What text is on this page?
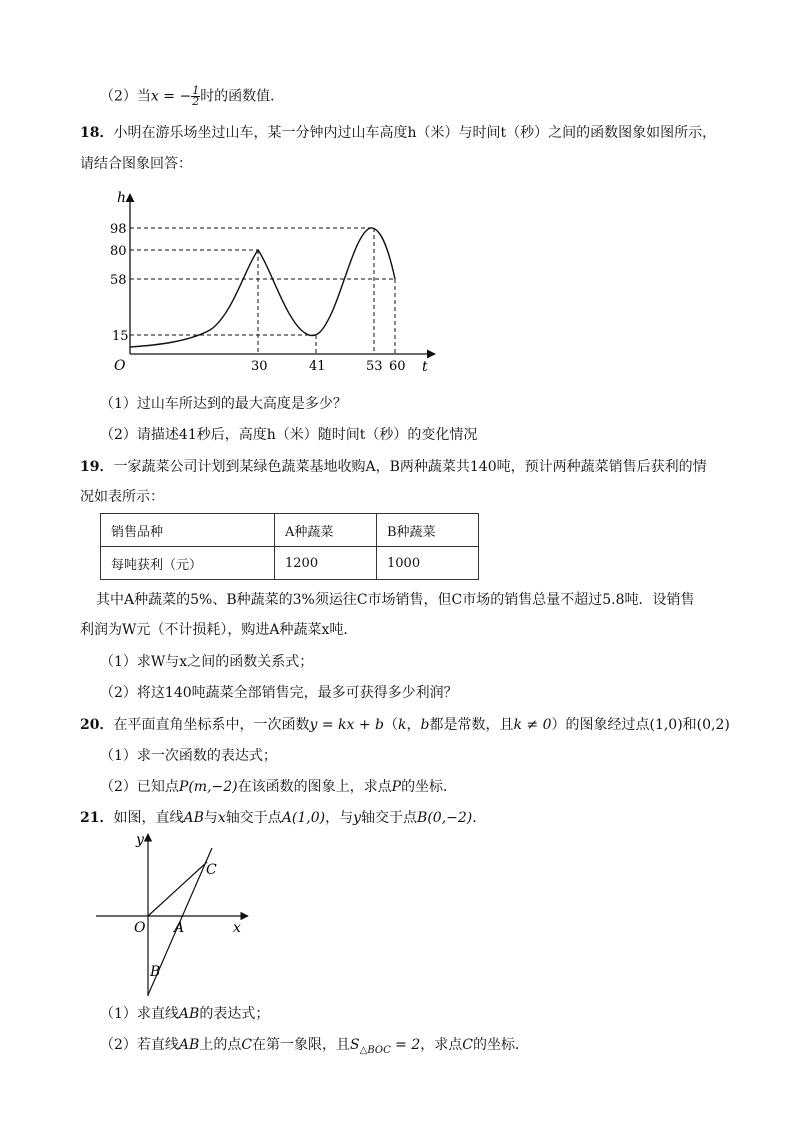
（2）当x = − $\frac{1}{2}$ 时的函数值．
18．小明在游乐场坐过山车，某一分钟内过山车高度h（米）与时间t（秒）之间的函数图象如图所示，
请结合图象回答：
h
t
O
98
80
58
15
30	41	53 60
（1）过山车所达到的最大高度是多少？
（2）请描述41秒后，高度h（米）随时间t（秒）的变化情况
19．一家蔬菜公司计划到某绿色蔬菜基地收购A，B两种蔬菜共140吨，预计两种蔬菜销售后获利的情
况如表所示：
销售品种	A种蔬菜	B种蔬菜
每吨获利（元）	1200	1000
其中A种蔬菜的5%、B种蔬菜的3%须运往C市场销售，但C市场的销售总量不超过5.8吨．设销售
利润为W元（不计损耗），购进A种蔬菜x吨．
（1）求W与x之间的函数关系式；
（2）将这140吨蔬菜全部销售完，最多可获得多少利润？
20．在平面直角坐标系中，一次函数y = kx + b（k，b都是常数，且k ≠ 0）的图象经过点(1,0)和(0,2)
（1）求一次函数的表达式；
（2）已知点P(m,−2)在该函数的图象上，求点P的坐标．
21．如图，直线AB与x轴交于点A(1,0)，与y轴交于点B(0,−2)．
y
x
O A
B
C
（1）求直线AB的表达式；
（2）若直线AB上的点C在第一象限，且$S_{\triangle BOC} = 2$，求点C的坐标．
